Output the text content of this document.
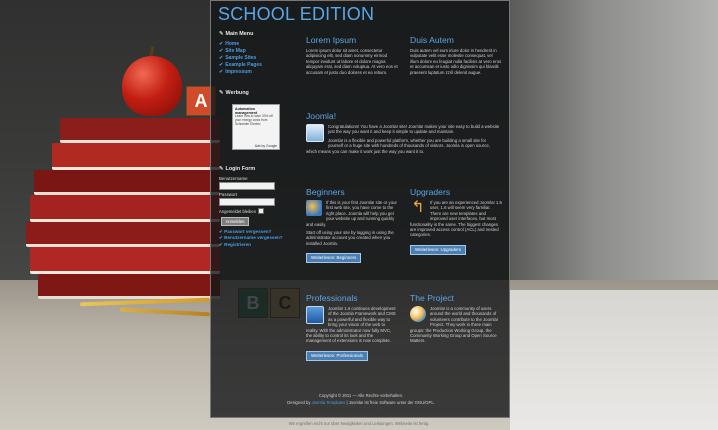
A
SCHOOL EDITION
✎ Main Menu
✔ Home
✔ Site Map
✔ Sample Sites
✔ Example Pages
✔ Impressum
✎ Werbung
Automation management
Learn how to save 30% off your energy costs from Schneider Electric
Ads by Google
✎ Login Form
Benutzername
Passwort
Angemeldet bleiben
Anmelden
✔ Passwort vergessen?
✔ Benutzername vergessen?
✔ Registrieren
Lorem Ipsum
Lorem ipsum dolor sit amet, consectetur adipisicing elit, sed diam nonummy eirmod tempor invidunt ut labore et dolore magna aliquyam erat, sed diam voluptua. At vero eos et accusam et justo duo dolores et ea rebum.
Duis Autem
Duis autem vel eum iriure dolor in hendrerit in vulputate velit esse molestie consequat, vel illum dolore eu feugiat nulla facilisis at vero eros et accumsan et iusto odio dignissim qui blandit praesent luptatum zzril delenit augue.
Joomla!
Congratulations! You have a Joomla! site! Joomla! makes your site easy to build a website just the way you want it and keep it simple to update and maintain.
Joomla! is a flexible and powerful platform, whether you are building a small site for yourself or a huge site with hundreds of thousands of visitors. Joomla is open source, which means you can make it work just the way you want it to.
Beginners
If this is your first Joomla! site or your first web site, you have come to the right place. Joomla will help you get your website up and running quickly and easily.
Start off using your site by logging in using the administrator account you created when you installed Joomla.
Weiterlesen: Beginners
Upgraders
↰	If you are an experienced Joomla! 1.5 user, 1.6 will seem very familiar. There are new templates and improved user interfaces, but most functionality is the same. The biggest changes are improved access control (ACL) and nested categories.
Weiterlesen: Upgraders
Professionals
Joomla! 1.6 continues development of the Joomla Framework and CMS as a powerful and flexible way to bring your vision of the web to reality. With the administrator now fully MVC, the ability to control its look and the management of extensions is now complete.
Weiterlesen: Professionals
The Project
Joomla! is a community of users around the world and thousands of volunteers contribute to the Joomla! Project. They work in three main groups: the Production Working Group, the Community Working Group and Open Source Matters.
Copyright © 2011 — Alle Rechte vorbehalten.
Designed by Joomla Templates | Joomla! ist freie Software unter der GNU/GPL.
Wir ergreifen nicht nur über Neuigkeiten und Leistungen, Webseite ist fertig.
